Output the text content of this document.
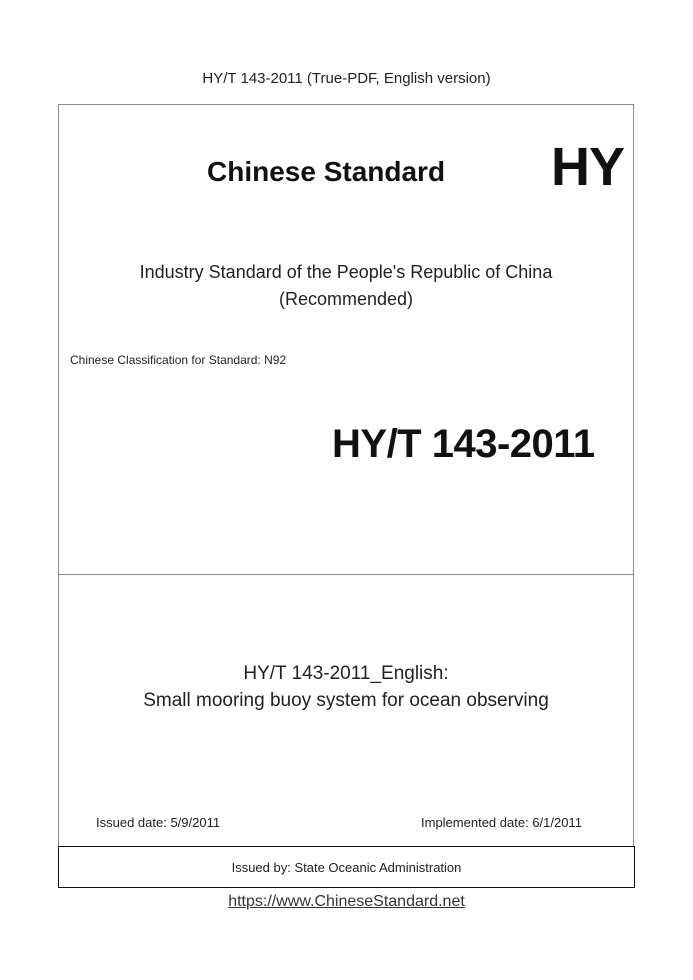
HY/T 143-2011 (True-PDF, English version)
Chinese Standard HY
Industry Standard of the People's Republic of China
(Recommended)
Chinese Classification for Standard: N92
HY/T 143-2011
HY/T 143-2011_English:
Small mooring buoy system for ocean observing
Issued date: 5/9/2011	Implemented date: 6/1/2011
Issued by: State Oceanic Administration
https://www.ChineseStandard.net
